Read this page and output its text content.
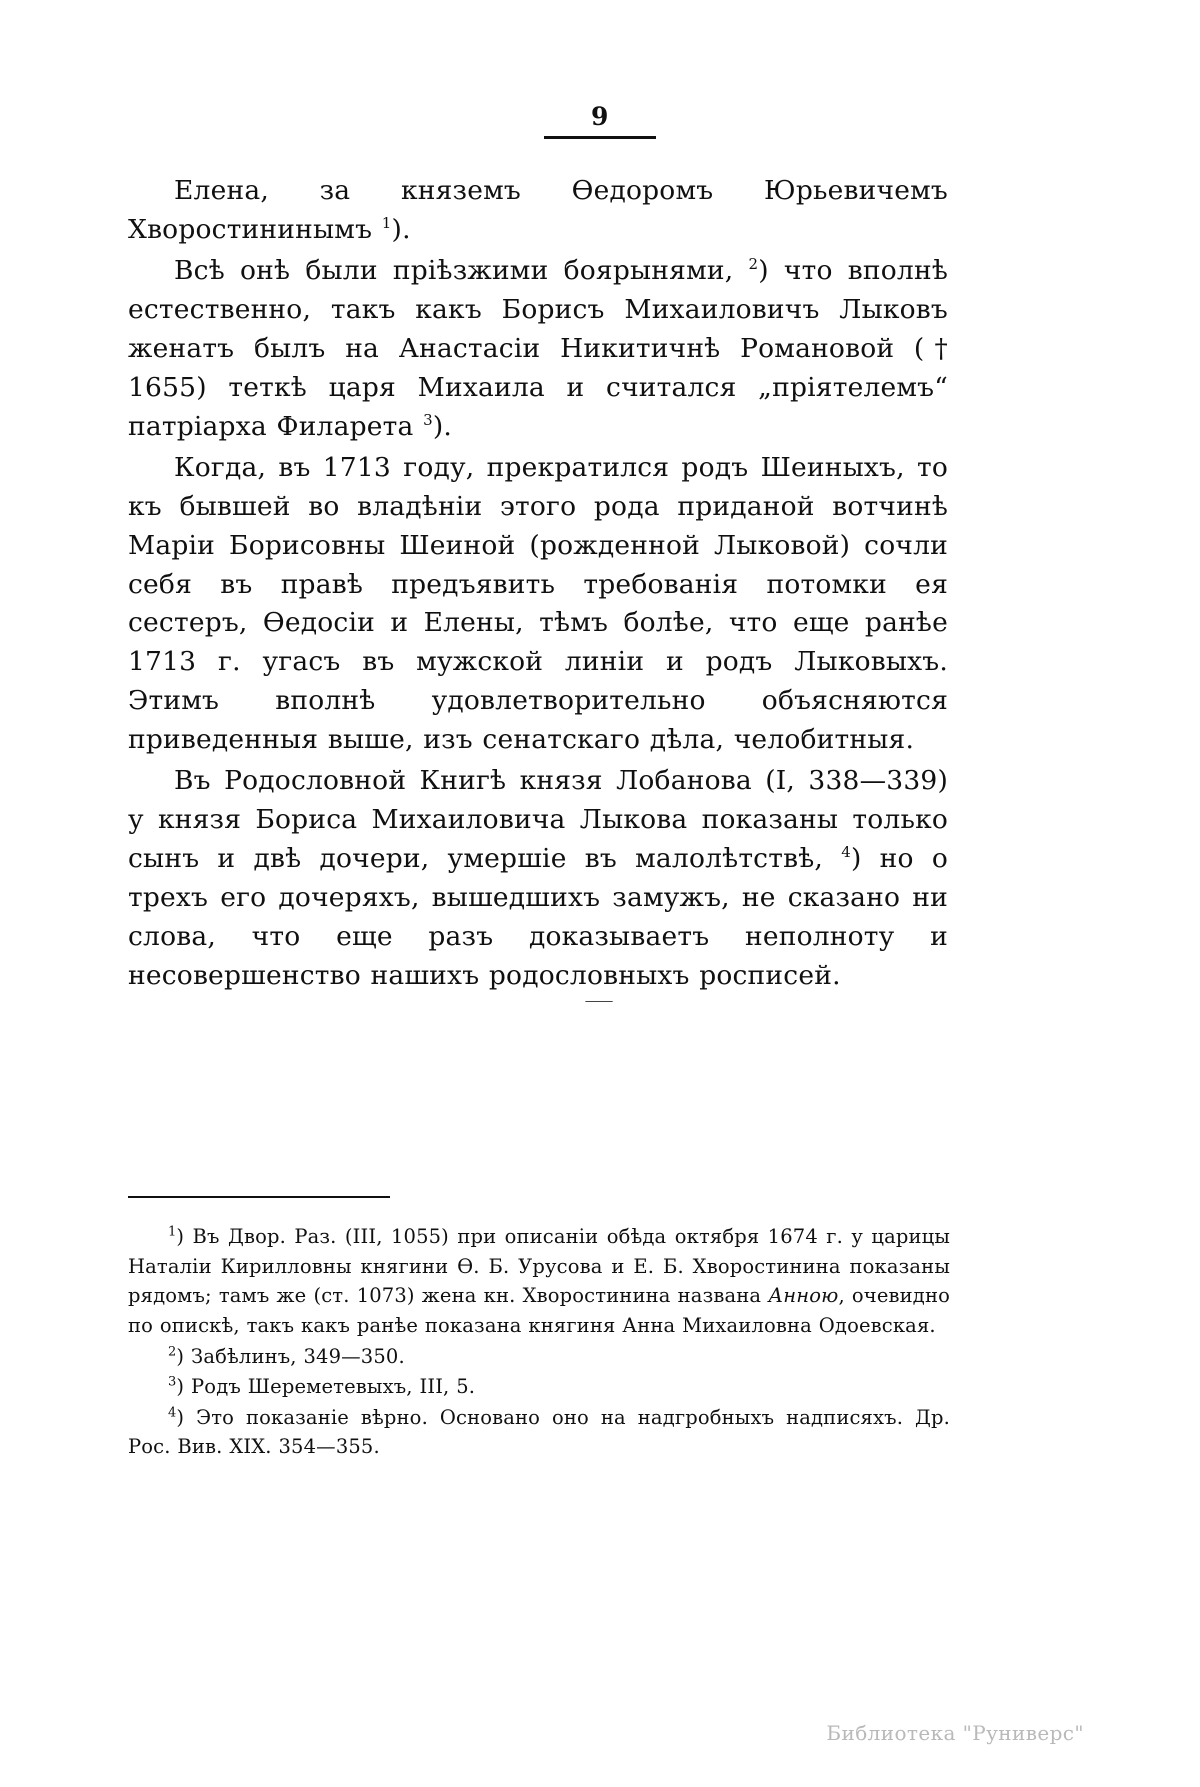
9

Елена, за княземъ Ѳедоромъ Юрьевичемъ Хворостининымъ $^1$).

Всѣ онѣ были пріѣзжими боярынями, $^2$) что вполнѣ естественно, такъ какъ Борисъ Михаиловичъ Лыковъ женатъ былъ на Анастасіи Никитичнѣ Романовой († 1655) теткѣ царя Михаила и считался „пріятелемъ“ патріарха Филарета $^3$).

Когда, въ 1713 году, прекратился родъ Шеиныхъ, то къ бывшей во владѣніи этого рода приданой вотчинѣ Маріи Борисовны Шеиной (рожденной Лыковой) сочли себя въ правѣ предъявить требованія потомки ея сестеръ, Ѳедосіи и Елены, тѣмъ болѣе, что еще ранѣе 1713 г. угасъ въ мужской линіи и родъ Лыковыхъ. Этимъ вполнѣ удовлетворительно объясняются приведенныя выше, изъ сенатскаго дѣла, челобитныя.

Въ Родословной Книгѣ князя Лобанова (I, 338—339) у князя Бориса Михаиловича Лыкова показаны только сынъ и двѣ дочери, умершіе въ малолѣтствѣ, $^4$) но о трехъ его дочеряхъ, вышедшихъ замужъ, не сказано ни слова, что еще разъ доказываетъ неполноту и несовершенство нашихъ родословныхъ росписей.

⸺

$^1$) Въ Двор. Раз. (III, 1055) при описаніи обѣда октября 1674 г. у царицы Наталіи Кирилловны княгини Ѳ. Б. Урусова и Е. Б. Хворостинина показаны рядомъ; тамъ же (ст. 1073) жена кн. Хворостинина названа Анною, очевидно по опискѣ, такъ какъ ранѣе показана княгиня Анна Михаиловна Одоевская.

$^2$) Забѣлинъ, 349—350.

$^3$) Родъ Шереметевыхъ, III, 5.

$^4$) Это показаніе вѣрно. Основано оно на надгробныхъ надписяхъ. Др. Рос. Вив. XIX. 354—355.

Библиотека "Руниверс"
